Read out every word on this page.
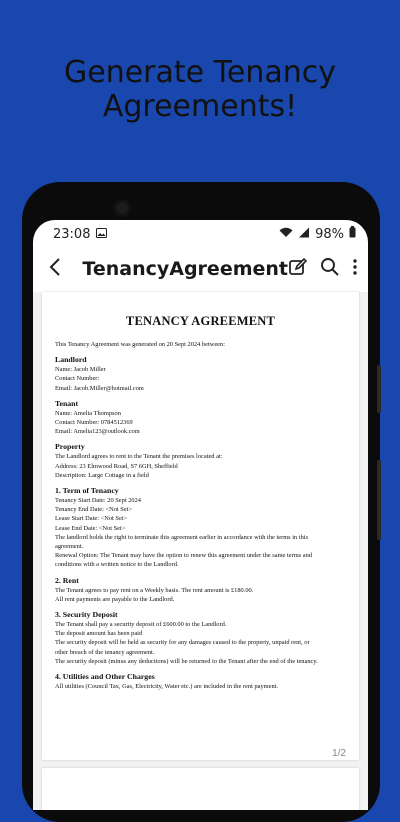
Generate Tenancy
Agreements!
23:08	98%
TenancyAgreement
TENANCY AGREEMENT
This Tenancy Agreement was generated on 20 Sept 2024 between:
Landlord
Name: Jacob Miller
Contact Number:
Email: Jacob.Miller@hotmail.com
Tenant
Name: Amelia Thompson
Contact Number: 0784512369
Email: Amelia123@outlook.com
Property
The Landlord agrees to rent to the Tenant the premises located at:
Address: 23 Elmwood Road, S7 6GH, Sheffield
Description: Large Cottage in a field
1. Term of Tenancy
Tenancy Start Date: 20 Sept 2024
Tenancy End Date: <Not Set>
Lease Start Date: <Not Set>
Lease End Date: <Not Set>
The landlord holds the right to terminate this agreement earlier in accordance with the terms in this
agreement.
Renewal Option: The Tenant may have the option to renew this agreement under the same terms and
conditions with a written notice to the Landlord.
2. Rent
The Tenant agrees to pay rent on a Weekly basis. The rent amount is £180.00.
All rent payments are payable to the Landlord.
3. Security Deposit
The Tenant shall pay a security deposit of £600.00 to the Landlord.
The deposit amount has been paid
The security deposit will be held as security for any damages caused to the property, unpaid rent, or
other breach of the tenancy agreement.
The security deposit (minus any deductions) will be returned to the Tenant after the end of the tenancy.
4. Utilities and Other Charges
All utilities (Council Tax, Gas, Electricity, Water etc.) are included in the rent payment.
1/2
